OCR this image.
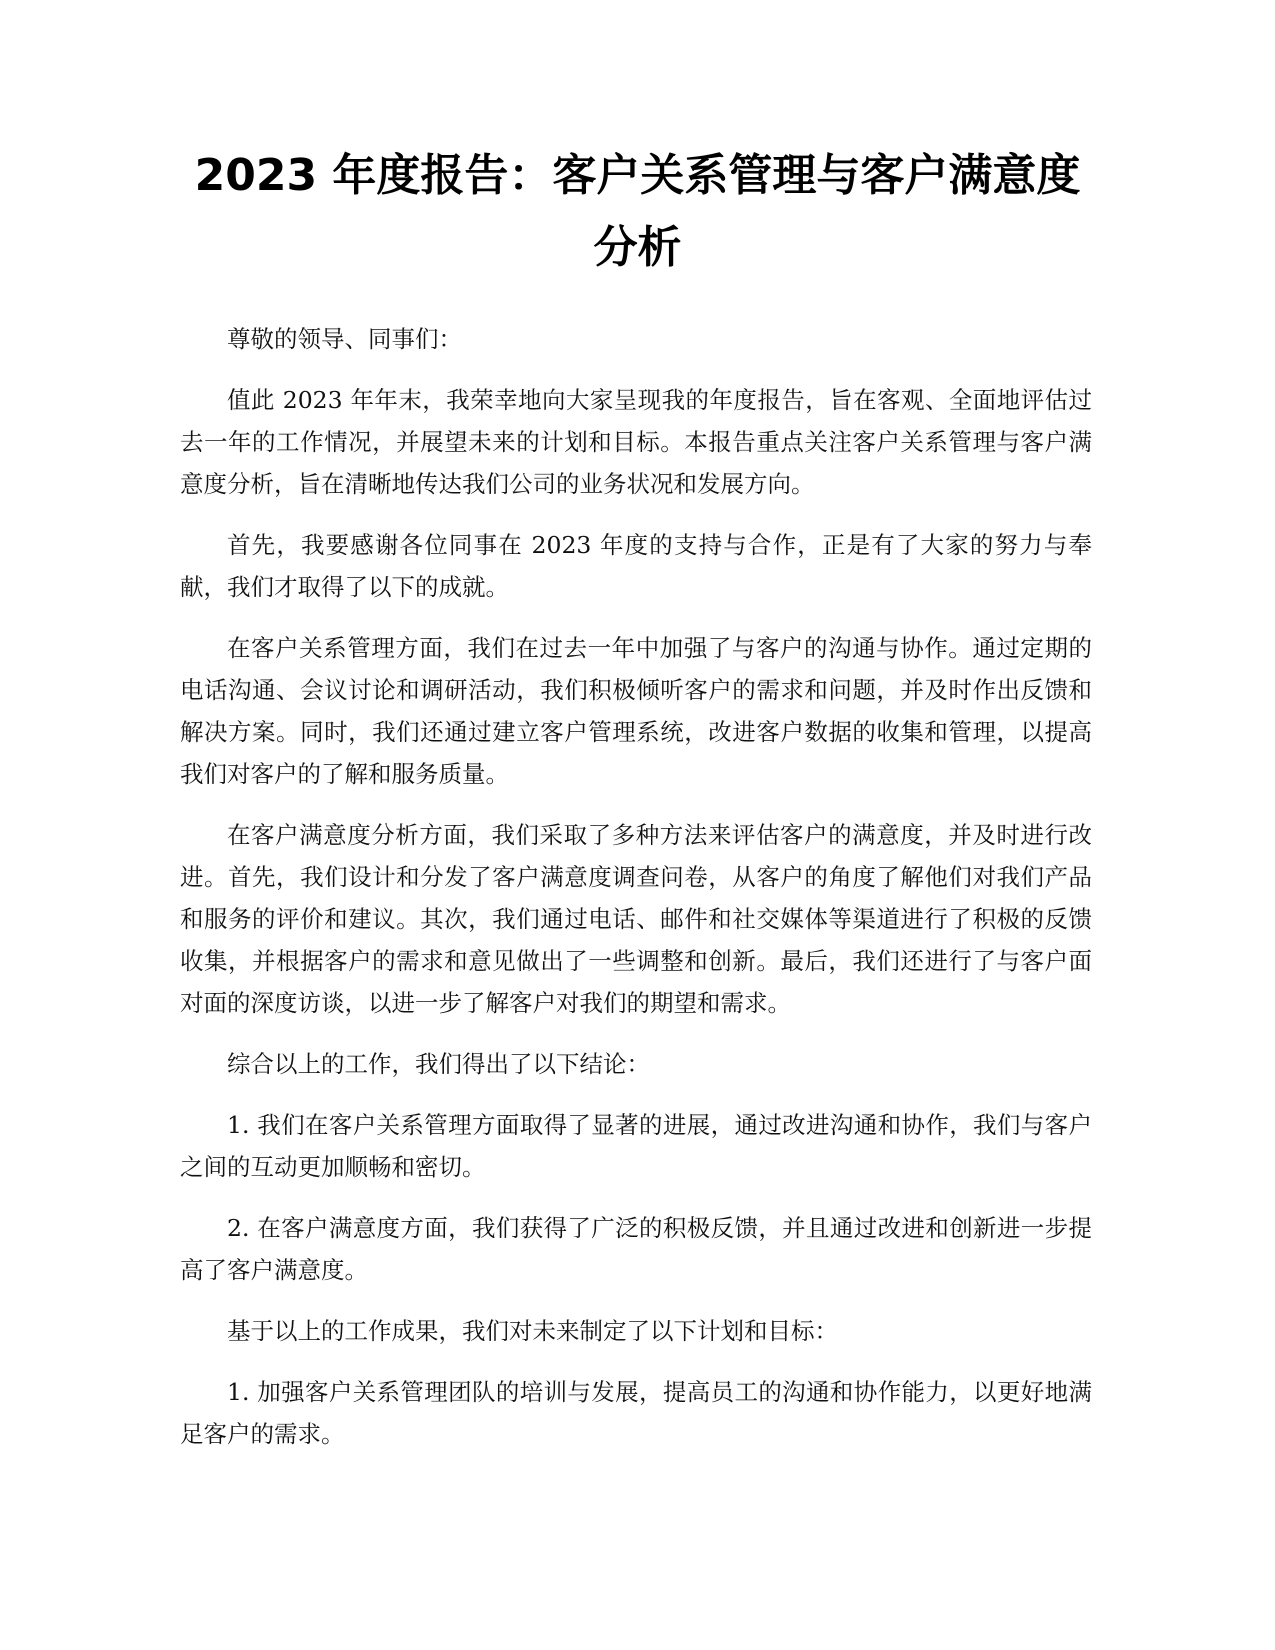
2023 年度报告：客户关系管理与客户满意度分析

尊敬的领导、同事们：

值此 2023 年年末，我荣幸地向大家呈现我的年度报告，旨在客观、全面地评估过去一年的工作情况，并展望未来的计划和目标。本报告重点关注客户关系管理与客户满意度分析，旨在清晰地传达我们公司的业务状况和发展方向。

首先，我要感谢各位同事在 2023 年度的支持与合作，正是有了大家的努力与奉献，我们才取得了以下的成就。

在客户关系管理方面，我们在过去一年中加强了与客户的沟通与协作。通过定期的电话沟通、会议讨论和调研活动，我们积极倾听客户的需求和问题，并及时作出反馈和解决方案。同时，我们还通过建立客户管理系统，改进客户数据的收集和管理，以提高我们对客户的了解和服务质量。

在客户满意度分析方面，我们采取了多种方法来评估客户的满意度，并及时进行改进。首先，我们设计和分发了客户满意度调查问卷，从客户的角度了解他们对我们产品和服务的评价和建议。其次，我们通过电话、邮件和社交媒体等渠道进行了积极的反馈收集，并根据客户的需求和意见做出了一些调整和创新。最后，我们还进行了与客户面对面的深度访谈，以进一步了解客户对我们的期望和需求。

综合以上的工作，我们得出了以下结论：

1. 我们在客户关系管理方面取得了显著的进展，通过改进沟通和协作，我们与客户之间的互动更加顺畅和密切。

2. 在客户满意度方面，我们获得了广泛的积极反馈，并且通过改进和创新进一步提高了客户满意度。

基于以上的工作成果，我们对未来制定了以下计划和目标：

1. 加强客户关系管理团队的培训与发展，提高员工的沟通和协作能力，以更好地满足客户的需求。
